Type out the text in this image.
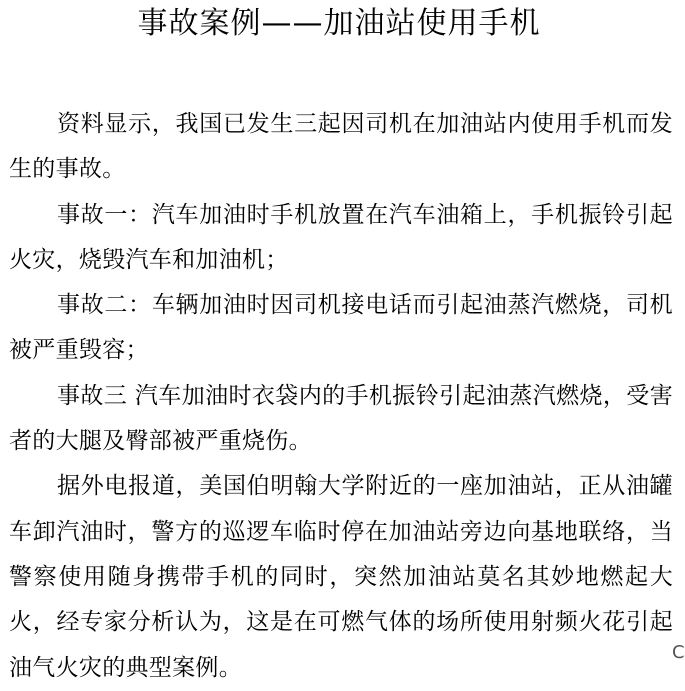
事故案例——加油站使用手机

资料显示，我国已发生三起因司机在加油站内使用手机而发生的事故。

事故一：汽车加油时手机放置在汽车油箱上，手机振铃引起火灾，烧毁汽车和加油机；

事故二：车辆加油时因司机接电话而引起油蒸汽燃烧，司机被严重毁容；

事故三 汽车加油时衣袋内的手机振铃引起油蒸汽燃烧，受害者的大腿及臀部被严重烧伤。

据外电报道，美国伯明翰大学附近的一座加油站，正从油罐车卸汽油时，警方的巡逻车临时停在加油站旁边向基地联络，当警察使用随身携带手机的同时，突然加油站莫名其妙地燃起大火，经专家分析认为，这是在可燃气体的场所使用射频火花引起油气火灾的典型案例。

C
